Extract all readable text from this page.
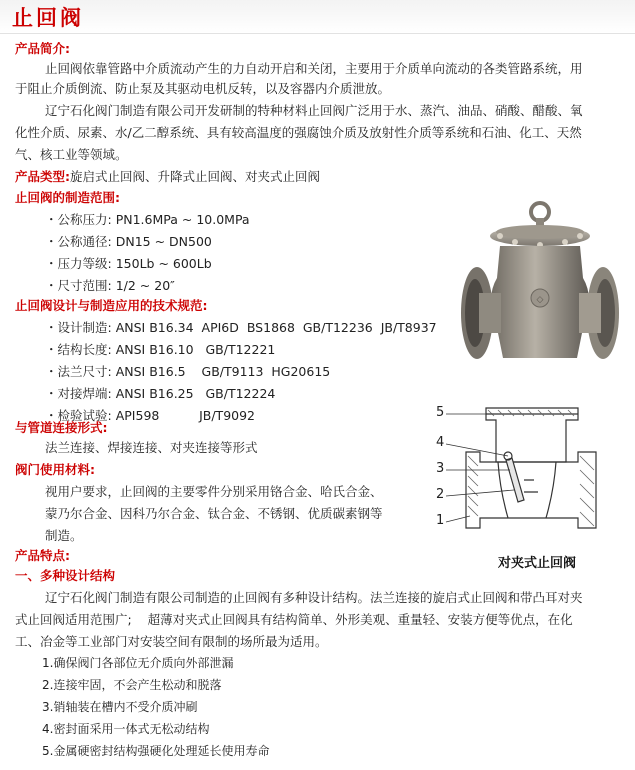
止回阀
产品简介:
止回阀依靠管路中介质流动产生的力自动开启和关闭，主要用于介质单向流动的各类管路系统，用
于阻止介质倒流、防止泵及其驱动电机反转，以及容器内介质泄放。
辽宁石化阀门制造有限公司开发研制的特种材料止回阀广泛用于水、蒸汽、油品、硝酸、醋酸、氧
化性介质、尿素、水/乙二醇系统、具有较高温度的强腐蚀介质及放射性介质等系统和石油、化工、天然
气、核工业等领域。
产品类型:旋启式止回阀、升降式止回阀、对夹式止回阀
止回阀的制造范围:
・ 公称压力: PN1.6MPa ~ 10.0MPa
・ 公称通径: DN15 ~ DN500
・ 压力等级: 150Lb ~ 600Lb
・ 尺寸范围: 1/2 ~ 20″
止回阀设计与制造应用的技术规范:
・ 设计制造: ANSI B16.34  API6D  BS1868  GB/T12236  JB/T8937
・ 结构长度: ANSI B16.10   GB/T12221
・ 法兰尺寸: ANSI B16.5    GB/T9113  HG20615
・ 对接焊端: ANSI B16.25   GB/T12224
・ 检验试验: API598          JB/T9092
与管道连接形式:
法兰连接、焊接连接、对夹连接等形式
阀门使用材料:
视用户要求，止回阀的主要零件分别采用铬合金、哈氏合金、
蒙乃尔合金、因科乃尔合金、钛合金、不锈钢、优质碳素钢等
制造。
产品特点:
一、多种设计结构
辽宁石化阀门制造有限公司制造的止回阀有多种设计结构。法兰连接的旋启式止回阀和带凸耳对夹
式止回阀适用范围广;    超薄对夹式止回阀具有结构简单、外形美观、重量轻、安装方便等优点，在化
工、冶金等工业部门对安装空间有限制的场所最为适用。
1.确保阀门各部位无介质向外部泄漏
2.连接牢固，不会产生松动和脱落
3.销轴装在槽内不受介质冲刷
4.密封面采用一体式无松动结构
5.金属硬密封结构强硬化处理延长使用寿命
◇
5
4
3
2
1
对夹式止回阀
